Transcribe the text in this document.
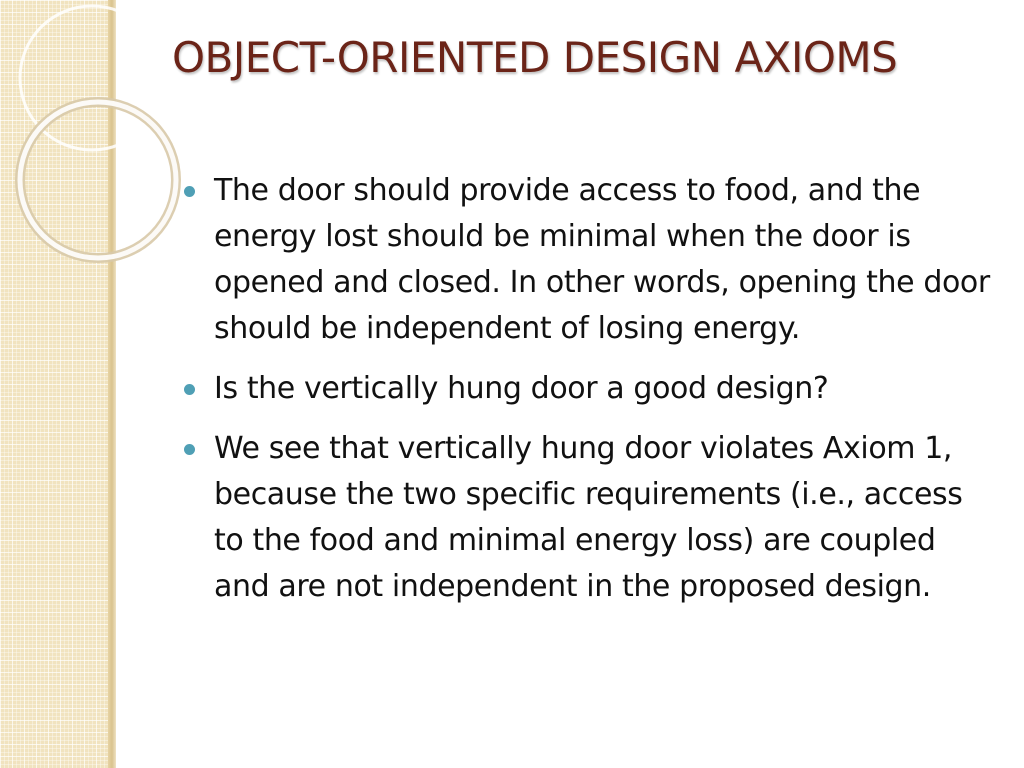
OBJECT-ORIENTED DESIGN AXIOMS
The door should provide access to food, and the energy lost should be minimal when the door is opened and closed. In other words, opening the door should be independent of losing energy.
Is the vertically hung door a good design?
We see that vertically hung door violates Axiom 1, because the two specific requirements (i.e., access to the food and minimal energy loss) are coupled and are not independent in the proposed design.
